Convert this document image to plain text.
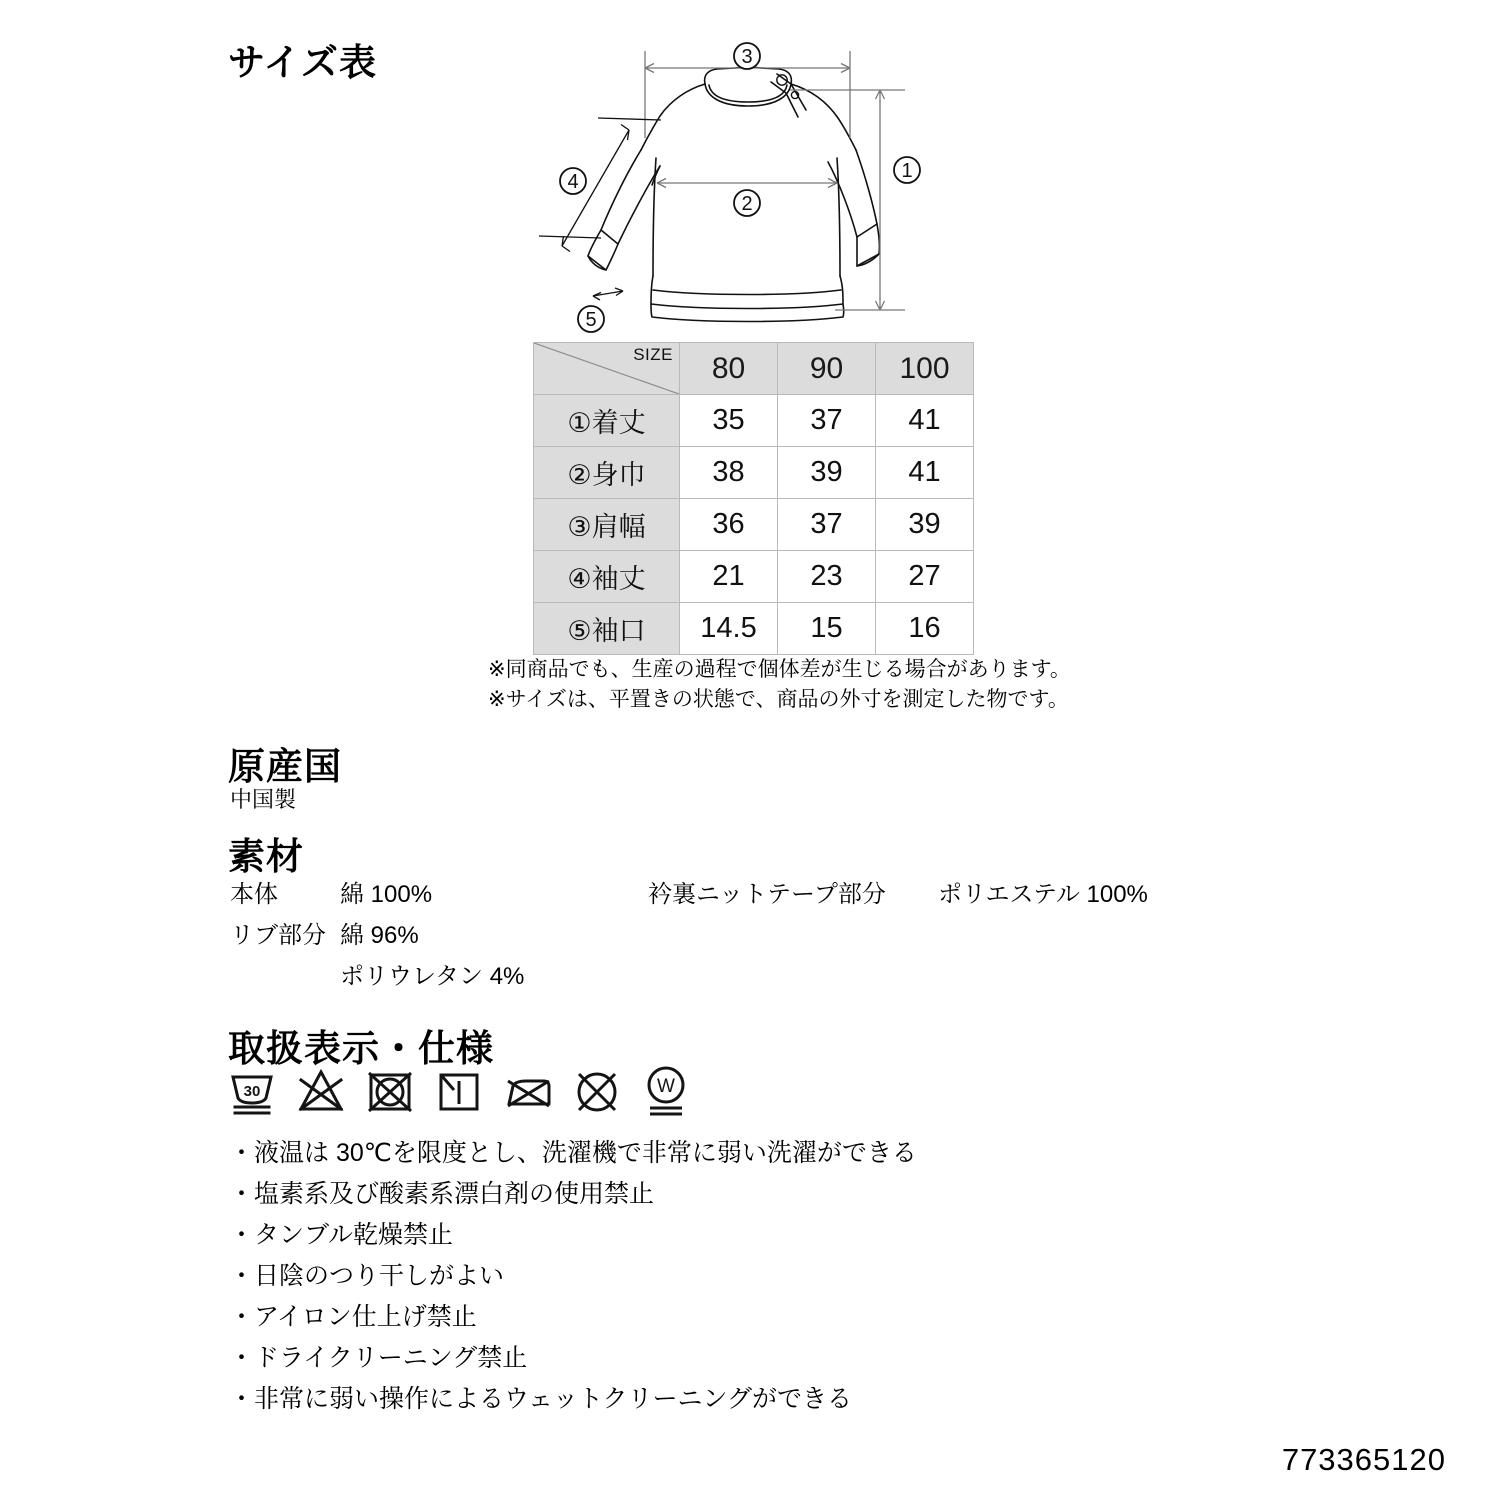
サイズ表	3
2
1
4
5
SIZE	80	90	100
①着丈	35	37	41
②身巾	38	39	41
③肩幅	36	37	39
④袖丈	21	23	27
⑤袖口	14.5	15	16
※同商品でも、生産の過程で個体差が生じる場合があります。
※サイズは、平置きの状態で、商品の外寸を測定した物です。
原産国
中国製
素材
本体	綿 100%	衿裏ニットテープ部分 ポリエステル 100%
リブ部分 綿 96%
ポリウレタン 4%
取扱表示・仕様
30	W
・液温は 30℃を限度とし、洗濯機で非常に弱い洗濯ができる
・塩素系及び酸素系漂白剤の使用禁止
・タンブル乾燥禁止
・日陰のつり干しがよい
・アイロン仕上げ禁止
・ドライクリーニング禁止
・非常に弱い操作によるウェットクリーニングができる
773365120
